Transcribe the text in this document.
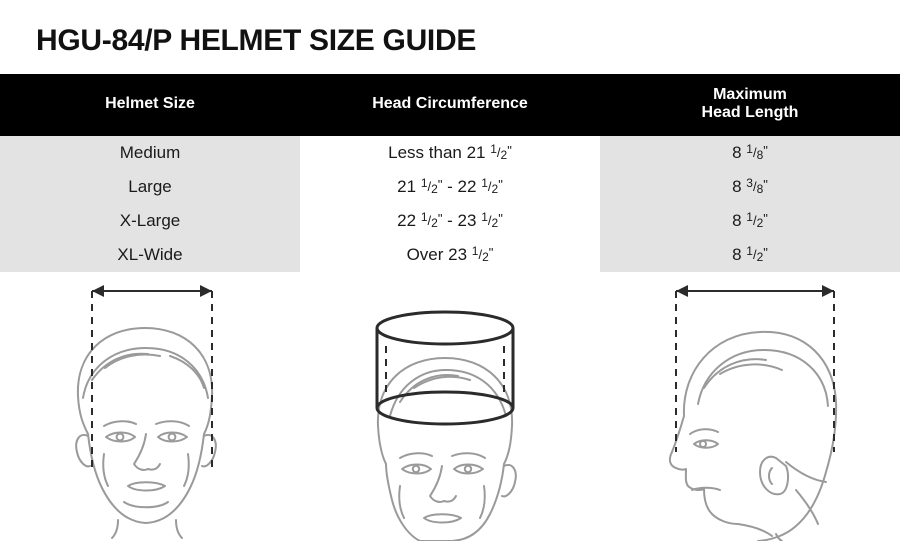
HGU-84/P HELMET SIZE GUIDE
Helmet Size	Head Circumference	Maximum
Head Length
Medium	Less than 21 1/2"	8 1/8"
Large	21 1/2" - 22 1/2"	8 3/8"
X-Large	22 1/2" - 23 1/2"	8 1/2"
XL-Wide	Over 23 1/2"	8 1/2"
